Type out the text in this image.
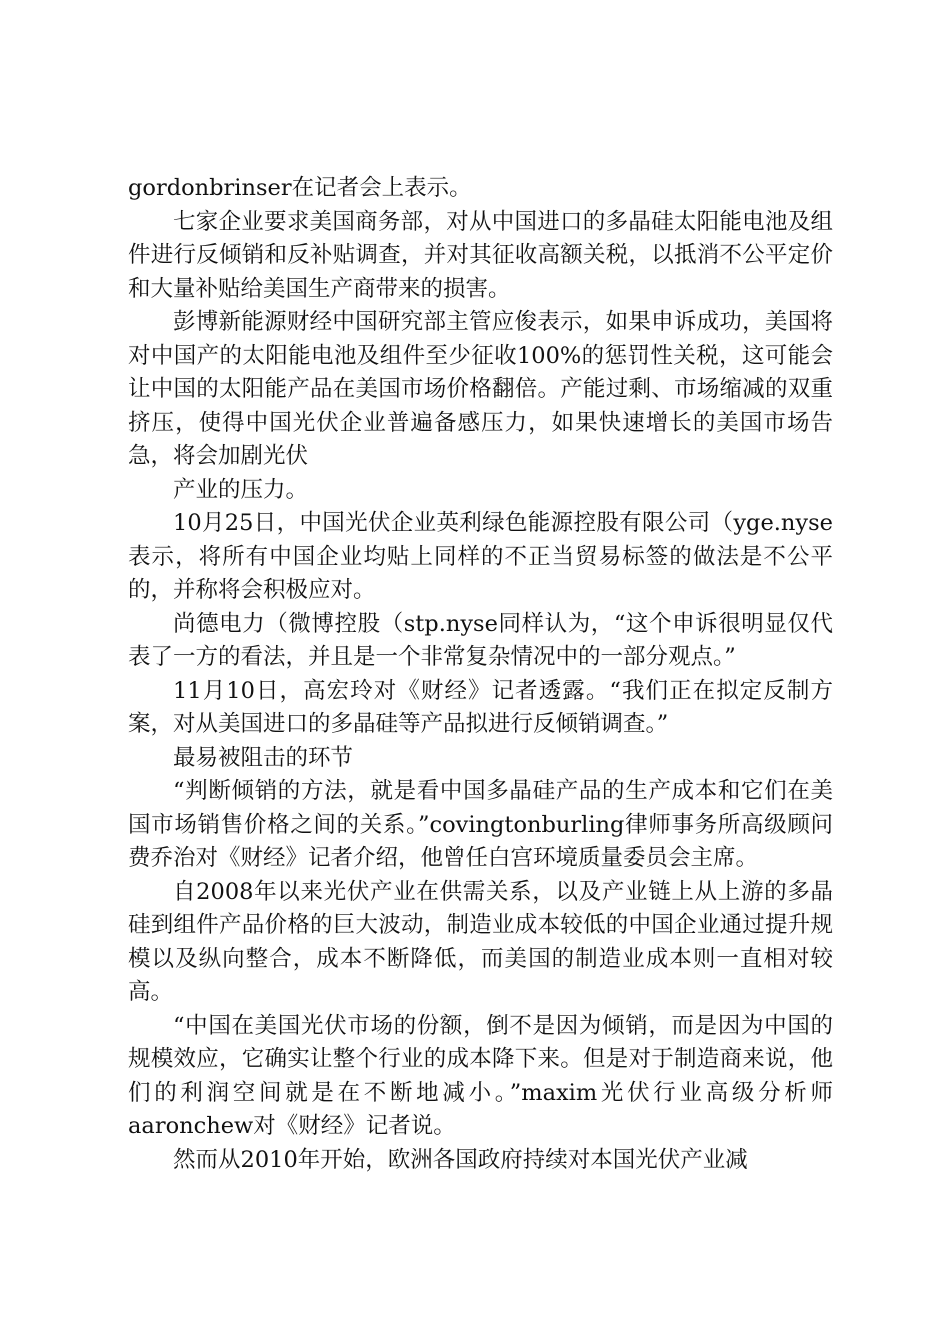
gordonbrinser在记者会上表示。

七家企业要求美国商务部，对从中国进口的多晶硅太阳能电池及组件进行反倾销和反补贴调查，并对其征收高额关税，以抵消不公平定价和大量补贴给美国生产商带来的损害。

彭博新能源财经中国研究部主管应俊表示，如果申诉成功，美国将对中国产的太阳能电池及组件至少征收100%的惩罚性关税，这可能会让中国的太阳能产品在美国市场价格翻倍。产能过剩、市场缩减的双重挤压，使得中国光伏企业普遍备感压力，如果快速增长的美国市场告急，将会加剧光伏

产业的压力。

10月25日，中国光伏企业英利绿色能源控股有限公司（yge.nyse表示，将所有中国企业均贴上同样的不正当贸易标签的做法是不公平的，并称将会积极应对。

尚德电力（微博控股（stp.nyse同样认为，“这个申诉很明显仅代表了一方的看法，并且是一个非常复杂情况中的一部分观点。”

11月10日，高宏玲对《财经》记者透露。“我们正在拟定反制方案，对从美国进口的多晶硅等产品拟进行反倾销调查。”

最易被阻击的环节

“判断倾销的方法，就是看中国多晶硅产品的生产成本和它们在美国市场销售价格之间的关系。”covingtonburling律师事务所高级顾问费乔治对《财经》记者介绍，他曾任白宫环境质量委员会主席。

自2008年以来光伏产业在供需关系，以及产业链上从上游的多晶硅到组件产品价格的巨大波动，制造业成本较低的中国企业通过提升规模以及纵向整合，成本不断降低，而美国的制造业成本则一直相对较高。

“中国在美国光伏市场的份额，倒不是因为倾销，而是因为中国的规模效应，它确实让整个行业的成本降下来。但是对于制造商来说，他们的利润空间就是在不断地减小。”maxim光伏行业高级分析师aaronchew对《财经》记者说。

然而从2010年开始，欧洲各国政府持续对本国光伏产业减
